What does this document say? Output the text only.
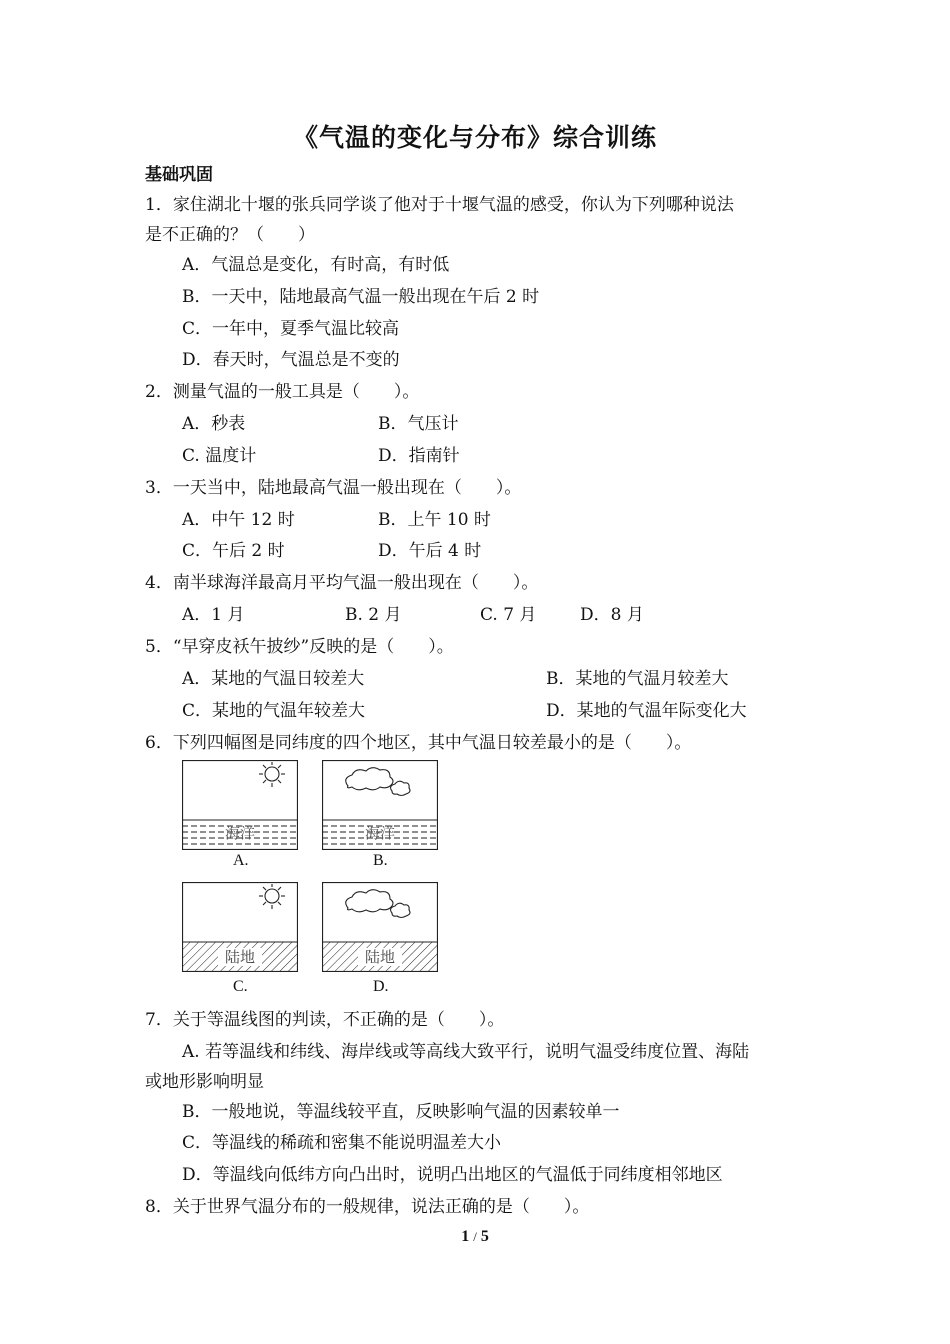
《气温的变化与分布》综合训练
基础巩固
1．家住湖北十堰的张兵同学谈了他对于十堰气温的感受，你认为下列哪种说法
是不正确的？（　　）
A．气温总是变化，有时高，有时低
B．一天中，陆地最高气温一般出现在午后 2 时
C．一年中，夏季气温比较高
D．春天时，气温总是不变的
2．测量气温的一般工具是（　　）。
A．秒表	B．气压计
C. 温度计	D．指南针
3．一天当中，陆地最高气温一般出现在（　　）。
A．中午 12 时	B．上午 10 时
C．午后 2 时	D．午后 4 时
4．南半球海洋最高月平均气温一般出现在（　　）。
A．1 月	B. 2 月	C. 7 月	D．8 月
5．“早穿皮袄午披纱”反映的是（　　）。
A．某地的气温日较差大	B．某地的气温月较差大
C．某地的气温年较差大	D．某地的气温年际变化大
6．下列四幅图是同纬度的四个地区，其中气温日较差最小的是（　　）。
海洋
A.
海洋
B.
陆地
C.
陆地
D.
7．关于等温线图的判读，不正确的是（　　）。
A. 若等温线和纬线、海岸线或等高线大致平行，说明气温受纬度位置、海陆
或地形影响明显
B．一般地说，等温线较平直，反映影响气温的因素较单一
C．等温线的稀疏和密集不能说明温差大小
D．等温线向低纬方向凸出时，说明凸出地区的气温低于同纬度相邻地区
8．关于世界气温分布的一般规律，说法正确的是（　　）。
1 / 5
